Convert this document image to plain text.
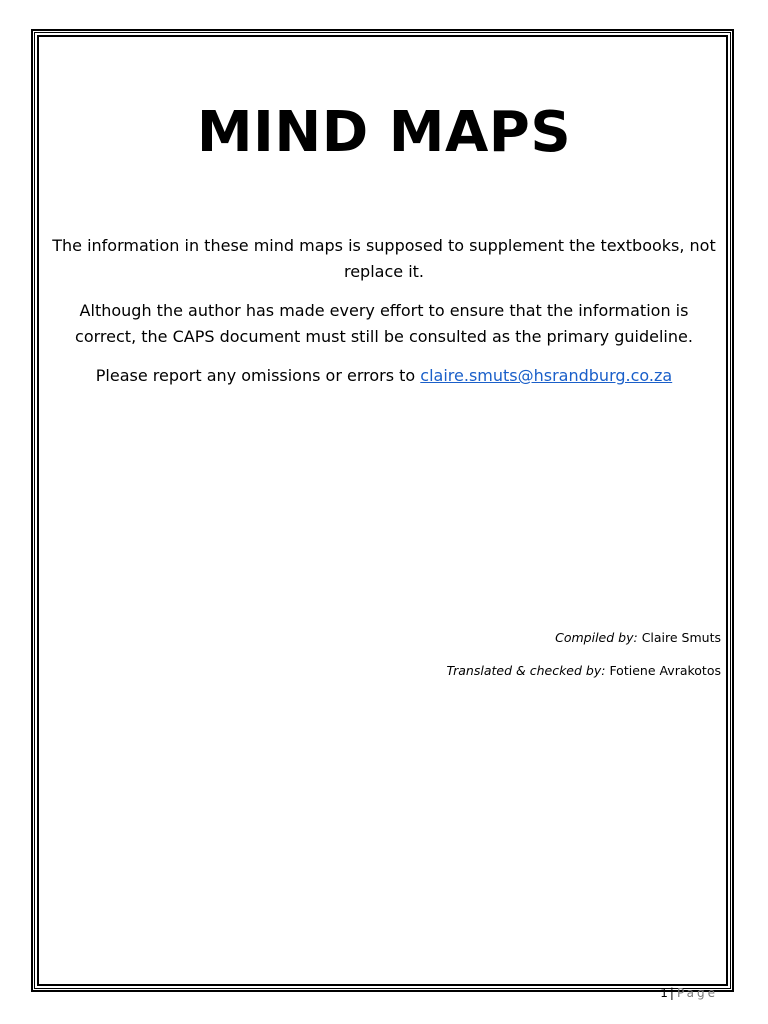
MIND MAPS
The information in these mind maps is supposed to supplement the textbooks, not replace it.
Although the author has made every effort to ensure that the information is correct, the CAPS document must still be consulted as the primary guideline.
Please report any omissions or errors to claire.smuts@hsrandburg.co.za
Compiled by: Claire Smuts
Translated & checked by: Fotiene Avrakotos
1 | Page
